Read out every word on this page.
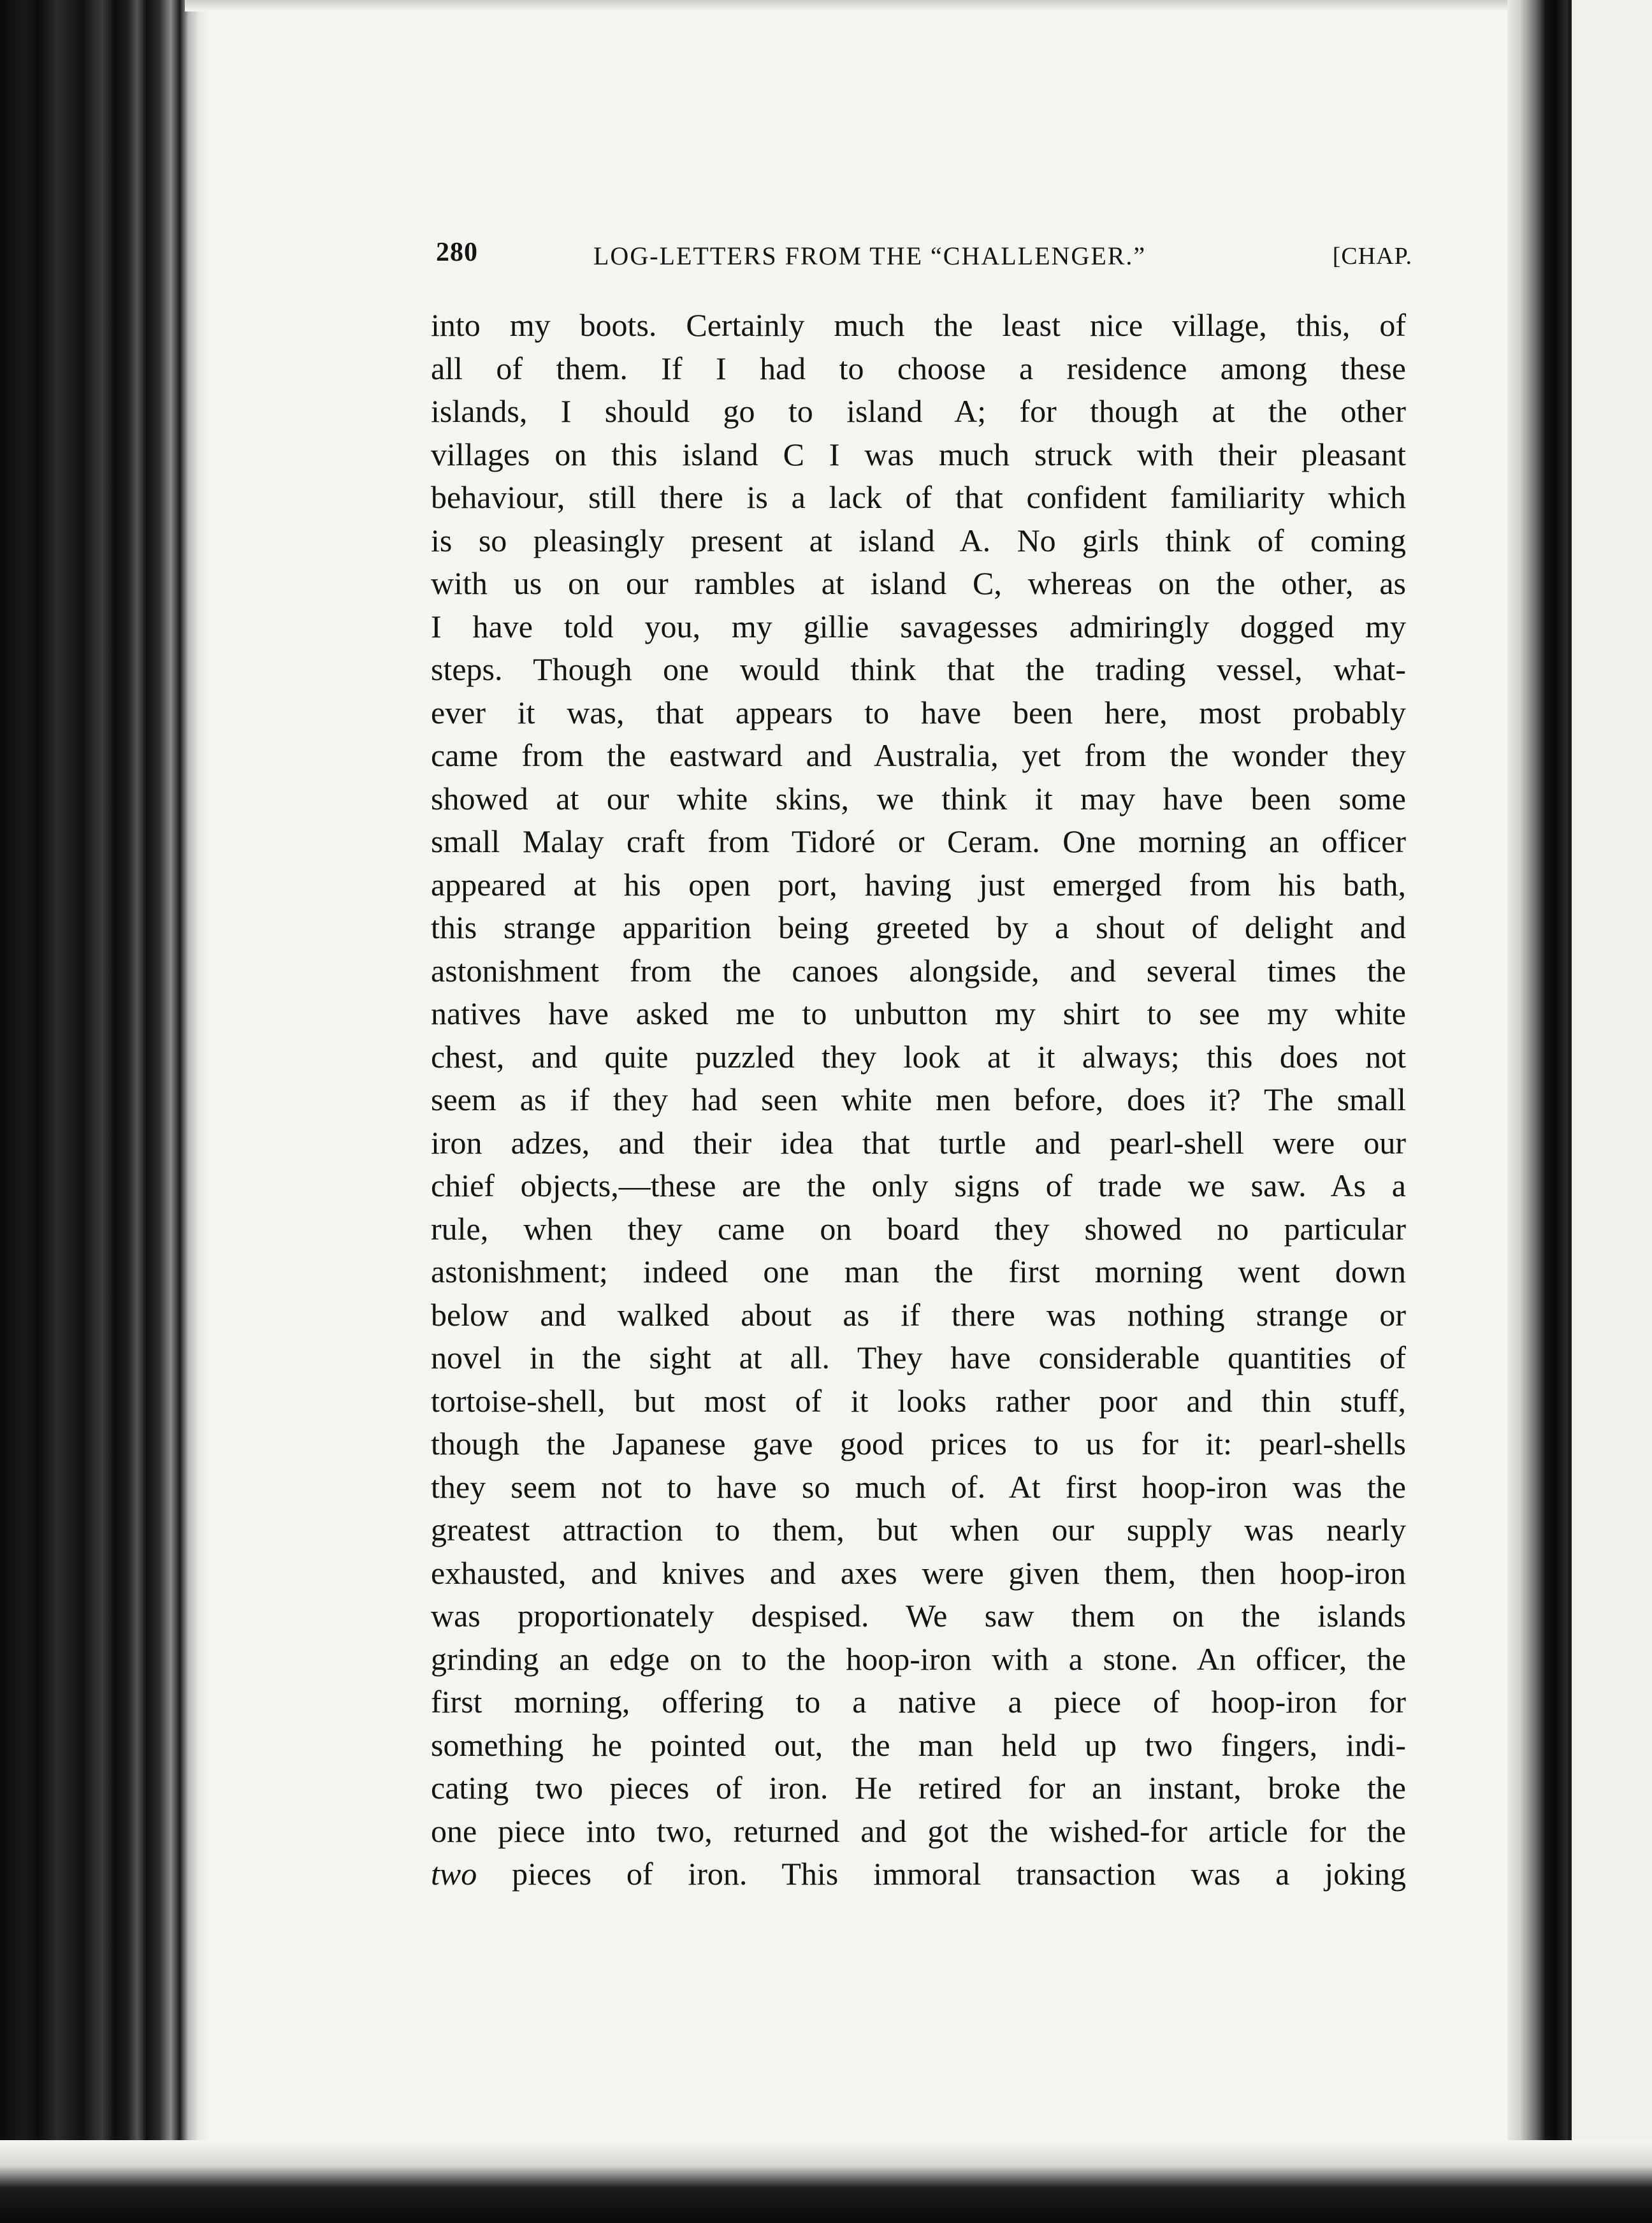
280	LOG-LETTERS FROM THE “CHALLENGER.”	[CHAP.
into my boots. Certainly much the least nice village, this, of
all of them. If I had to choose a residence among these
islands, I should go to island A; for though at the other
villages on this island C I was much struck with their pleasant
behaviour, still there is a lack of that confident familiarity which
is so pleasingly present at island A. No girls think of coming
with us on our rambles at island C, whereas on the other, as
I have told you, my gillie savagesses admiringly dogged my
steps. Though one would think that the trading vessel, what-
ever it was, that appears to have been here, most probably
came from the eastward and Australia, yet from the wonder they
showed at our white skins, we think it may have been some
small Malay craft from Tidoré or Ceram. One morning an officer
appeared at his open port, having just emerged from his bath,
this strange apparition being greeted by a shout of delight and
astonishment from the canoes alongside, and several times the
natives have asked me to unbutton my shirt to see my white
chest, and quite puzzled they look at it always; this does not
seem as if they had seen white men before, does it? The small
iron adzes, and their idea that turtle and pearl-shell were our
chief objects,—these are the only signs of trade we saw. As a
rule, when they came on board they showed no particular
astonishment; indeed one man the first morning went down
below and walked about as if there was nothing strange or
novel in the sight at all. They have considerable quantities of
tortoise-shell, but most of it looks rather poor and thin stuff,
though the Japanese gave good prices to us for it: pearl-shells
they seem not to have so much of. At first hoop-iron was the
greatest attraction to them, but when our supply was nearly
exhausted, and knives and axes were given them, then hoop-iron
was proportionately despised. We saw them on the islands
grinding an edge on to the hoop-iron with a stone. An officer, the
first morning, offering to a native a piece of hoop-iron for
something he pointed out, the man held up two fingers, indi-
cating two pieces of iron. He retired for an instant, broke the
one piece into two, returned and got the wished-for article for the
two pieces of iron. This immoral transaction was a joking
